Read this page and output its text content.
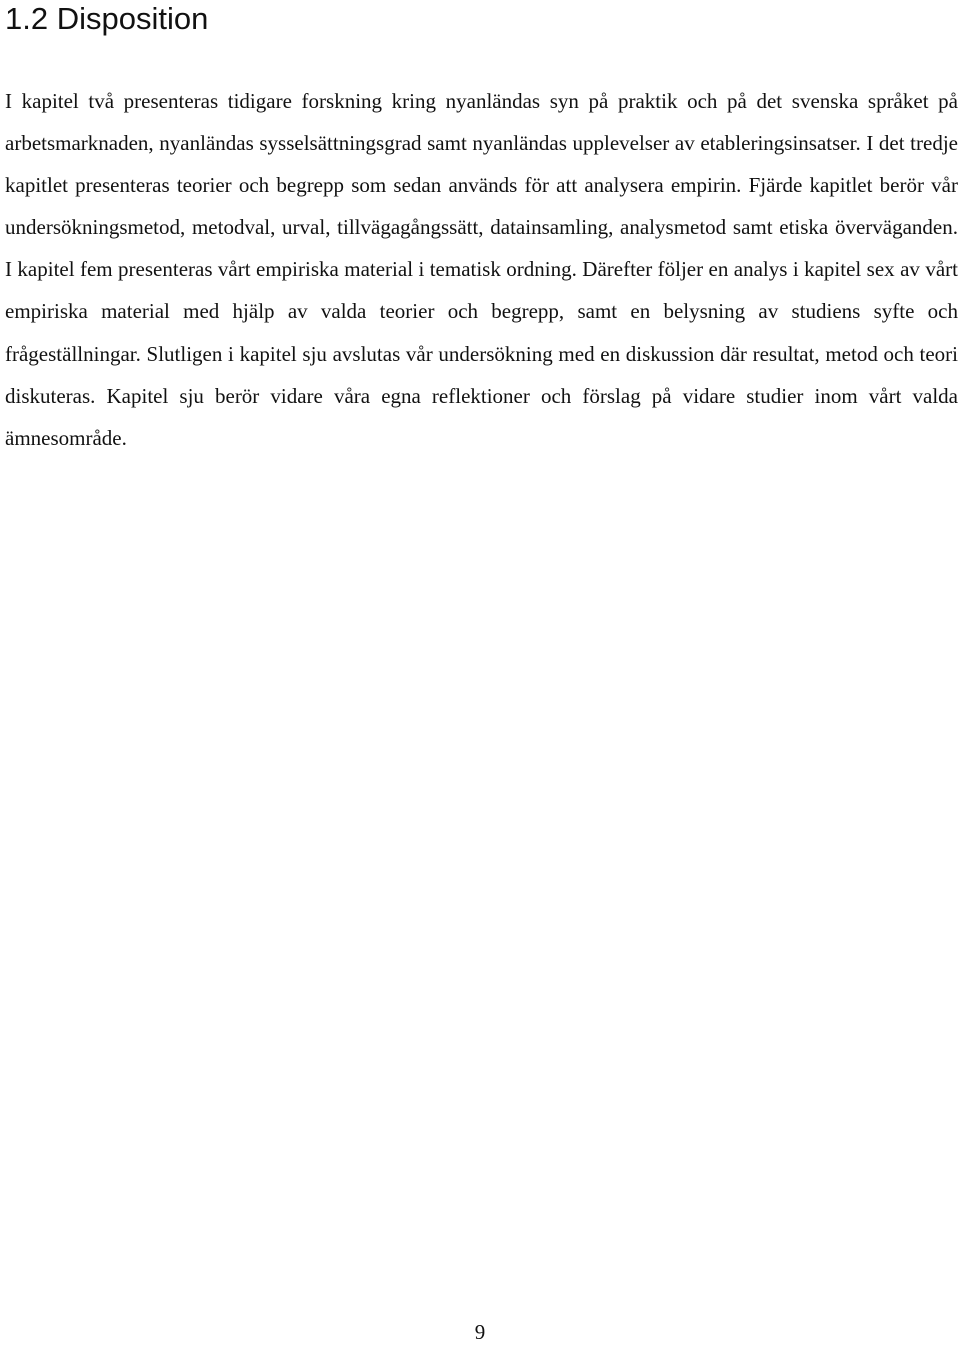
1.2 Disposition

I kapitel två presenteras tidigare forskning kring nyanländas syn på praktik och på det svenska språket på arbetsmarknaden, nyanländas sysselsättningsgrad samt nyanländas upplevelser av etableringsinsatser. I det tredje kapitlet presenteras teorier och begrepp som sedan används för att analysera empirin. Fjärde kapitlet berör vår undersökningsmetod, metodval, urval, tillvägagångssätt, datainsamling, analysmetod samt etiska överväganden. I kapitel fem presenteras vårt empiriska material i tematisk ordning. Därefter följer en analys i kapitel sex av vårt empiriska material med hjälp av valda teorier och begrepp, samt en belysning av studiens syfte och frågeställningar. Slutligen i kapitel sju avslutas vår undersökning med en diskussion där resultat, metod och teori diskuteras. Kapitel sju berör vidare våra egna reflektioner och förslag på vidare studier inom vårt valda ämnesområde.

9
